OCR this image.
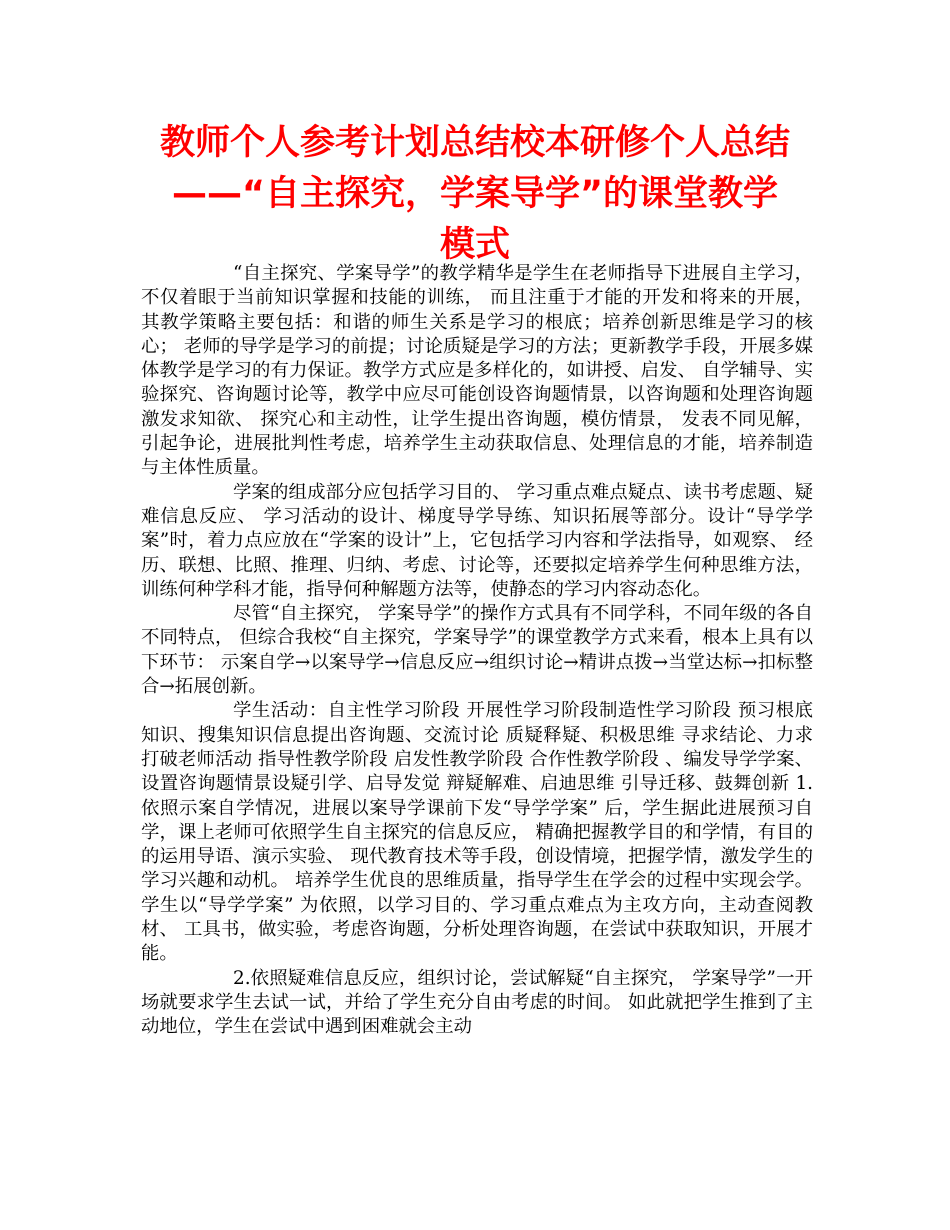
教师个人参考计划总结校本研修个人总结
——“自主探究，学案导学”的课堂教学
模式

“自主探究、学案导学”的教学精华是学生在老师指导下进展自主学习，不仅着眼于当前知识掌握和技能的训练， 而且注重于才能的开发和将来的开展， 其教学策略主要包括：和谐的师生关系是学习的根底；培养创新思维是学习的核心； 老师的导学是学习的前提；讨论质疑是学习的方法；更新教学手段，开展多媒体教学是学习的有力保证。教学方式应是多样化的，如讲授、启发、 自学辅导、实验探究、咨询题讨论等，教学中应尽可能创设咨询题情景，以咨询题和处理咨询题激发求知欲、 探究心和主动性，让学生提出咨询题，模仿情景， 发表不同见解，引起争论，进展批判性考虑，培养学生主动获取信息、处理信息的才能，培养制造与主体性质量。

学案的组成部分应包括学习目的、 学习重点难点疑点、读书考虑题、疑难信息反应、 学习活动的设计、梯度导学导练、知识拓展等部分。设计“导学学案”时，着力点应放在“学案的设计”上，它包括学习内容和学法指导，如观察、 经历、联想、比照、推理、归纳、考虑、讨论等，还要拟定培养学生何种思维方法， 训练何种学科才能，指导何种解题方法等，使静态的学习内容动态化。

尽管“自主探究， 学案导学”的操作方式具有不同学科，不同年级的各自不同特点， 但综合我校“自主探究，学案导学”的课堂教学方式来看，根本上具有以下环节： 示案自学→以案导学→信息反应→组织讨论→精讲点拨→当堂达标→扣标整合→拓展创新。

学生活动：自主性学习阶段 开展性学习阶段制造性学习阶段 预习根底知识、搜集知识信息提出咨询题、交流讨论 质疑释疑、积极思维 寻求结论、力求打破老师活动 指导性教学阶段 启发性教学阶段 合作性教学阶段 、编发导学学案、设置咨询题情景设疑引学、启导发觉 辩疑解难、启迪思维 引导迁移、鼓舞创新 1.依照示案自学情况，进展以案导学课前下发“导学学案” 后，学生据此进展预习自学，课上老师可依照学生自主探究的信息反应， 精确把握教学目的和学情，有目的的运用导语、演示实验、 现代教育技术等手段，创设情境，把握学情，激发学生的学习兴趣和动机。 培养学生优良的思维质量，指导学生在学会的过程中实现会学。学生以“导学学案” 为依照，以学习目的、学习重点难点为主攻方向，主动查阅教材、 工具书，做实验，考虑咨询题，分析处理咨询题，在尝试中获取知识，开展才能。

2.依照疑难信息反应，组织讨论，尝试解疑“自主探究， 学案导学”一开场就要求学生去试一试，并给了学生充分自由考虑的时间。 如此就把学生推到了主动地位，学生在尝试中遇到困难就会主动
